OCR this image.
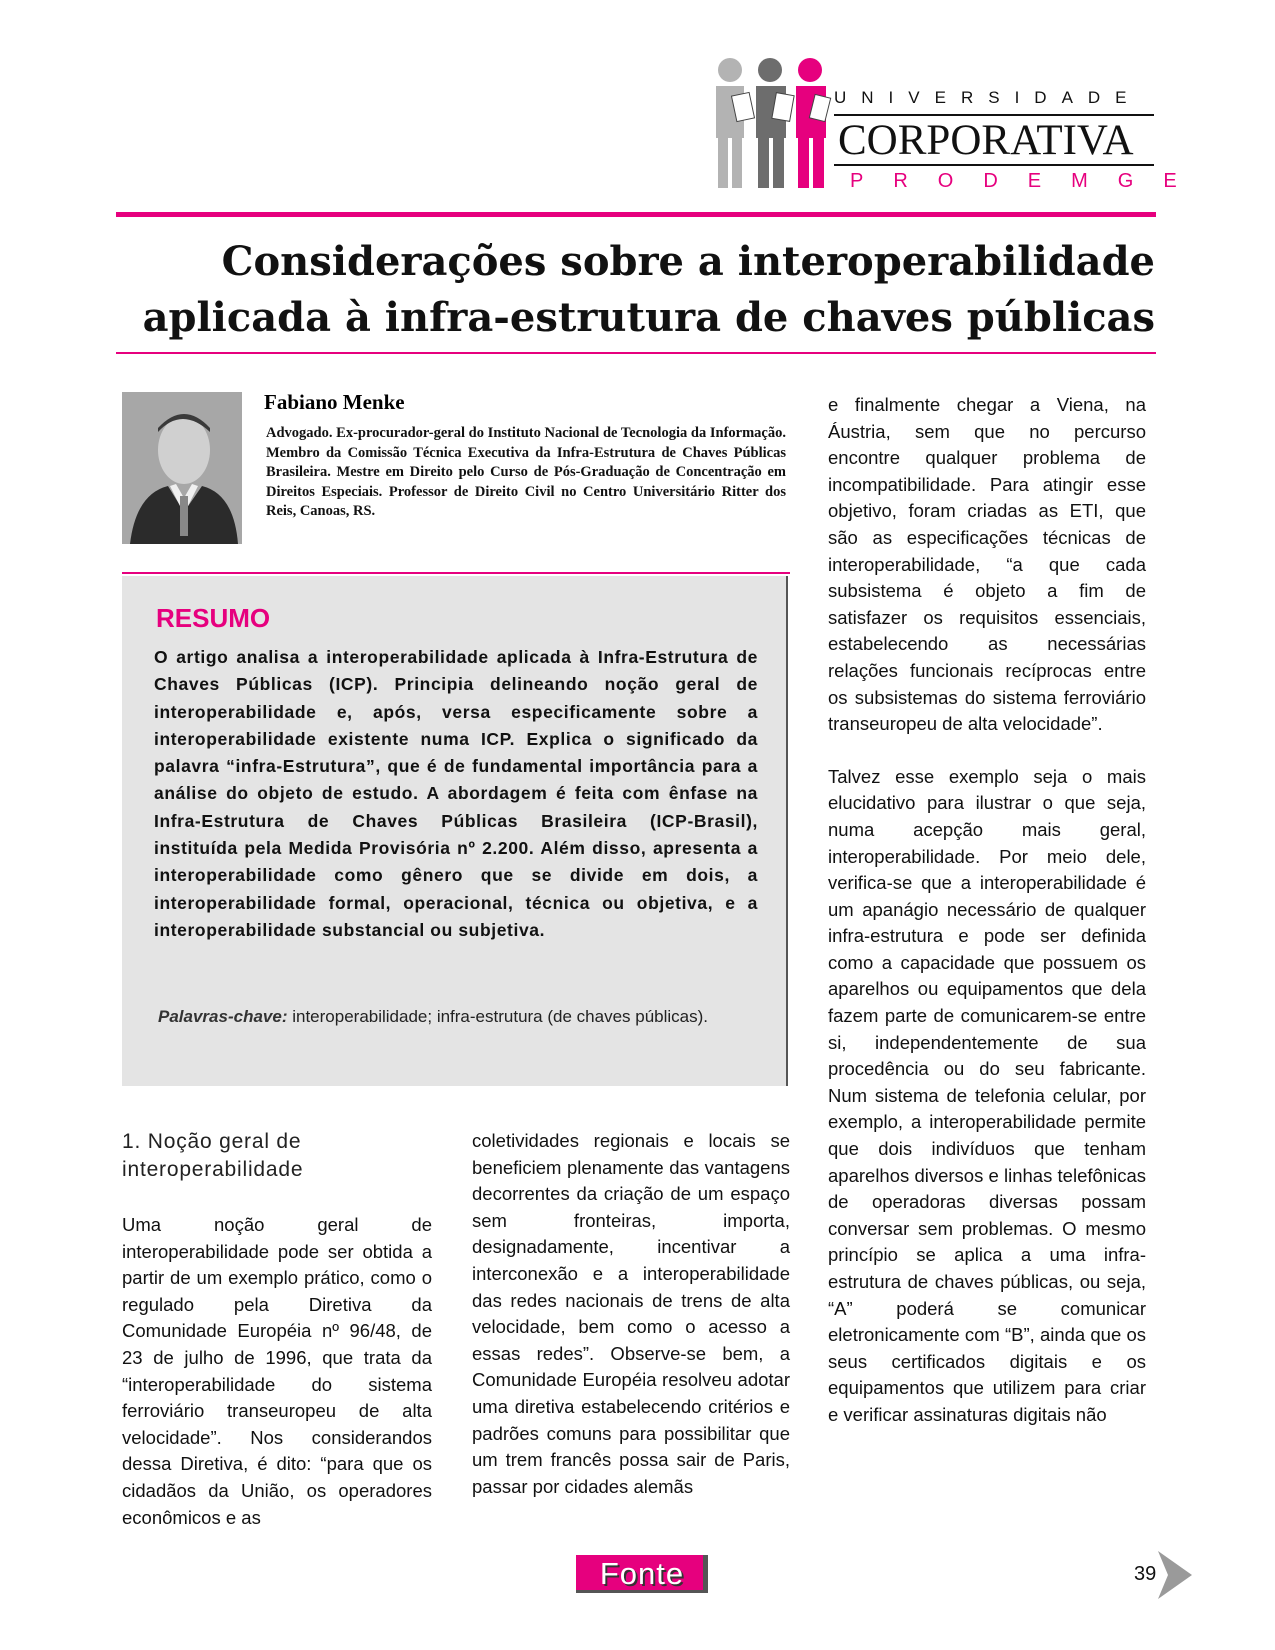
UNIVERSIDADE
CORPORATIVA
PRODEMGE
Considerações sobre a interoperabilidade
aplicada à infra-estrutura de chaves públicas
Fabiano Menke
Advogado. Ex-procurador-geral do Instituto Nacional de Tecnologia da Informação. Membro da Comissão Técnica Executiva da Infra-Estrutura de Chaves Públicas Brasileira. Mestre em Direito pelo Curso de Pós-Graduação de Concentração em Direitos Especiais. Professor de Direito Civil no Centro Universitário Ritter dos Reis, Canoas, RS.
RESUMO
O artigo analisa a interoperabilidade aplicada à Infra-Estrutura de Chaves Públicas (ICP). Principia delineando noção geral de interoperabilidade e, após, versa especificamente sobre a interoperabilidade existente numa ICP. Explica o significado da palavra “infra-Estrutura”, que é de fundamental importância para a análise do objeto de estudo. A abordagem é feita com ênfase na Infra-Estrutura de Chaves Públicas Brasileira (ICP-Brasil), instituída pela Medida Provisória nº 2.200. Além disso, apresenta a interoperabilidade como gênero que se divide em dois, a interoperabilidade formal, operacional, técnica ou objetiva, e a interoperabilidade substancial ou subjetiva.
Palavras-chave: interoperabilidade; infra-estrutura (de chaves públicas).
1. Noção geral de interoperabilidade
Uma noção geral de interoperabilidade pode ser obtida a partir de um exemplo prático, como o regulado pela Diretiva da Comunidade Européia nº 96/48, de 23 de julho de 1996, que trata da “interoperabilidade do sistema ferroviário transeuropeu de alta velocidade”. Nos considerandos dessa Diretiva, é dito: “para que os cidadãos da União, os operadores econômicos e as
coletividades regionais e locais se beneficiem plenamente das vantagens decorrentes da criação de um espaço sem fronteiras, importa, designadamente, incentivar a interconexão e a interoperabilidade das redes nacionais de trens de alta velocidade, bem como o acesso a essas redes”. Observe-se bem, a Comunidade Européia resolveu adotar uma diretiva estabelecendo critérios e padrões comuns para possibilitar que um trem francês possa sair de Paris, passar por cidades alemãs

e finalmente chegar a Viena, na Áustria, sem que no percurso encontre qualquer problema de incompatibilidade. Para atingir esse objetivo, foram criadas as ETI, que são as especificações técnicas de interoperabilidade, “a que cada subsistema é objeto a fim de satisfazer os requisitos essenciais, estabelecendo as necessárias relações funcionais recíprocas entre os subsistemas do sistema ferroviário transeuropeu de alta velocidade”.

Talvez esse exemplo seja o mais elucidativo para ilustrar o que seja, numa acepção mais geral, interoperabilidade. Por meio dele, verifica-se que a interoperabilidade é um apanágio necessário de qualquer infra-estrutura e pode ser definida como a capacidade que possuem os aparelhos ou equipamentos que dela fazem parte de comunicarem-se entre si, independentemente de sua procedência ou do seu fabricante. Num sistema de telefonia celular, por exemplo, a interoperabilidade permite que dois indivíduos que tenham aparelhos diversos e linhas telefônicas de operadoras diversas possam conversar sem problemas. O mesmo princípio se aplica a uma infra-estrutura de chaves públicas, ou seja, “A” poderá se comunicar eletronicamente com “B”, ainda que os seus certificados digitais e os equipamentos que utilizem para criar e verificar assinaturas digitais não

Fonte	39
